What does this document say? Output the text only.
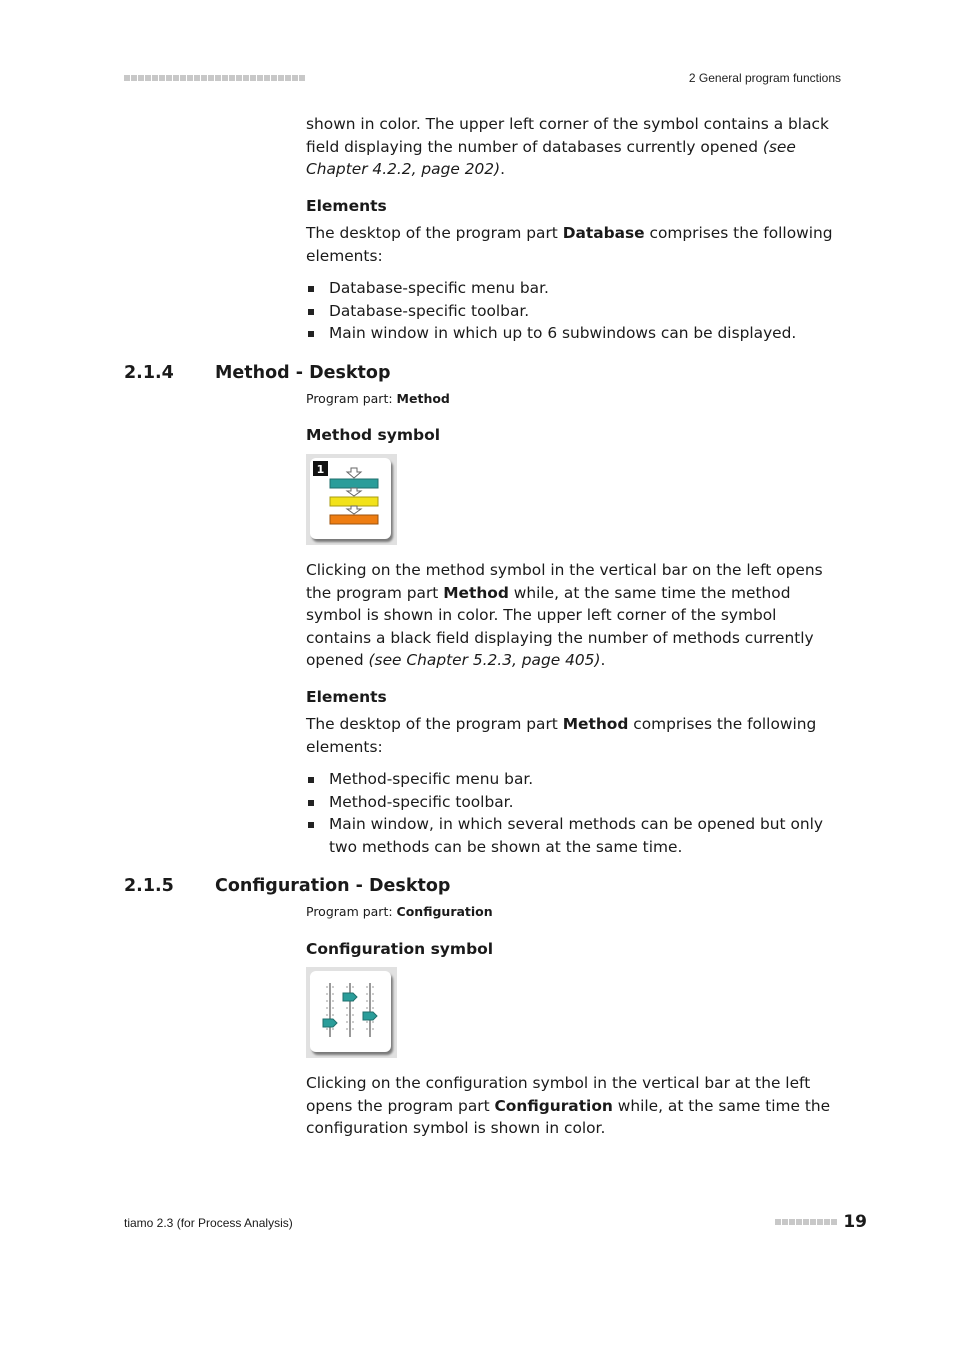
2 General program functions

shown in color. The upper left corner of the symbol contains a black field displaying the number of databases currently opened (see Chapter 4.2.2, page 202).

Elements

The desktop of the program part Database comprises the following elements:

Database-specific menu bar.
Database-specific toolbar.
Main window in which up to 6 subwindows can be displayed.
2.1.4 Method - Desktop
Program part: Method
Method symbol
1

Clicking on the method symbol in the vertical bar on the left opens the program part Method while, at the same time the method symbol is shown in color. The upper left corner of the symbol contains a black field displaying the number of methods currently opened (see Chapter 5.2.3, page 405).

Elements

The desktop of the program part Method comprises the following elements:

Method-specific menu bar.
Method-specific toolbar.
Main window, in which several methods can be opened but only two methods can be shown at the same time.
2.1.5 Configuration - Desktop
Program part: Configuration
Configuration symbol

Clicking on the configuration symbol in the vertical bar at the left opens the program part Configuration while, at the same time the configuration symbol is shown in color.

tiamo 2.3 (for Process Analysis)	19
